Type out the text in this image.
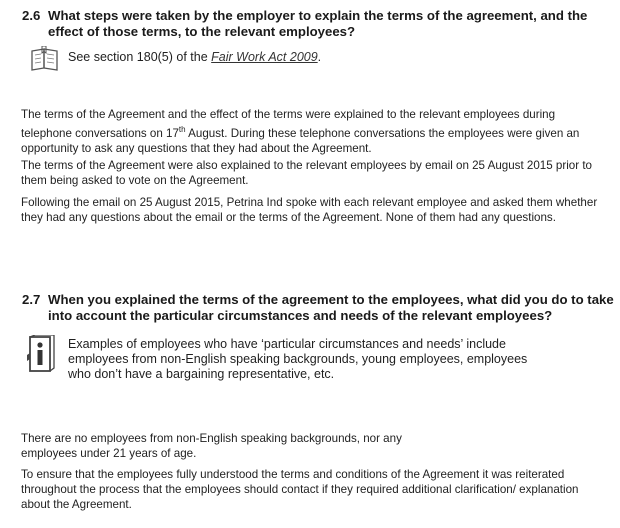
2.6 What steps were taken by the employer to explain the terms of the agreement, and the effect of those terms, to the relevant employees?
See section 180(5) of the Fair Work Act 2009.

The terms of the Agreement and the effect of the terms were explained to the relevant employees during telephone conversations on 17th August. During these telephone conversations the employees were given an opportunity to ask any questions that they had about the Agreement.

The terms of the Agreement were also explained to the relevant employees by email on 25 August 2015 prior to them being asked to vote on the Agreement.

Following the email on 25 August 2015, Petrina Ind spoke with each relevant employee and asked them whether they had any questions about the email or the terms of the Agreement. None of them had any questions.

2.7 When you explained the terms of the agreement to the employees, what did you do to take into account the particular circumstances and needs of the relevant employees?
Examples of employees who have ‘particular circumstances and needs’ include
employees from non-English speaking backgrounds, young employees, employees
who don’t have a bargaining representative, etc.

There are no employees from non-English speaking backgrounds, nor any employees under 21 years of age.

To ensure that the employees fully understood the terms and conditions of the Agreement it was reiterated throughout the process that the employees should contact if they required additional clarification/ explanation about the Agreement.
